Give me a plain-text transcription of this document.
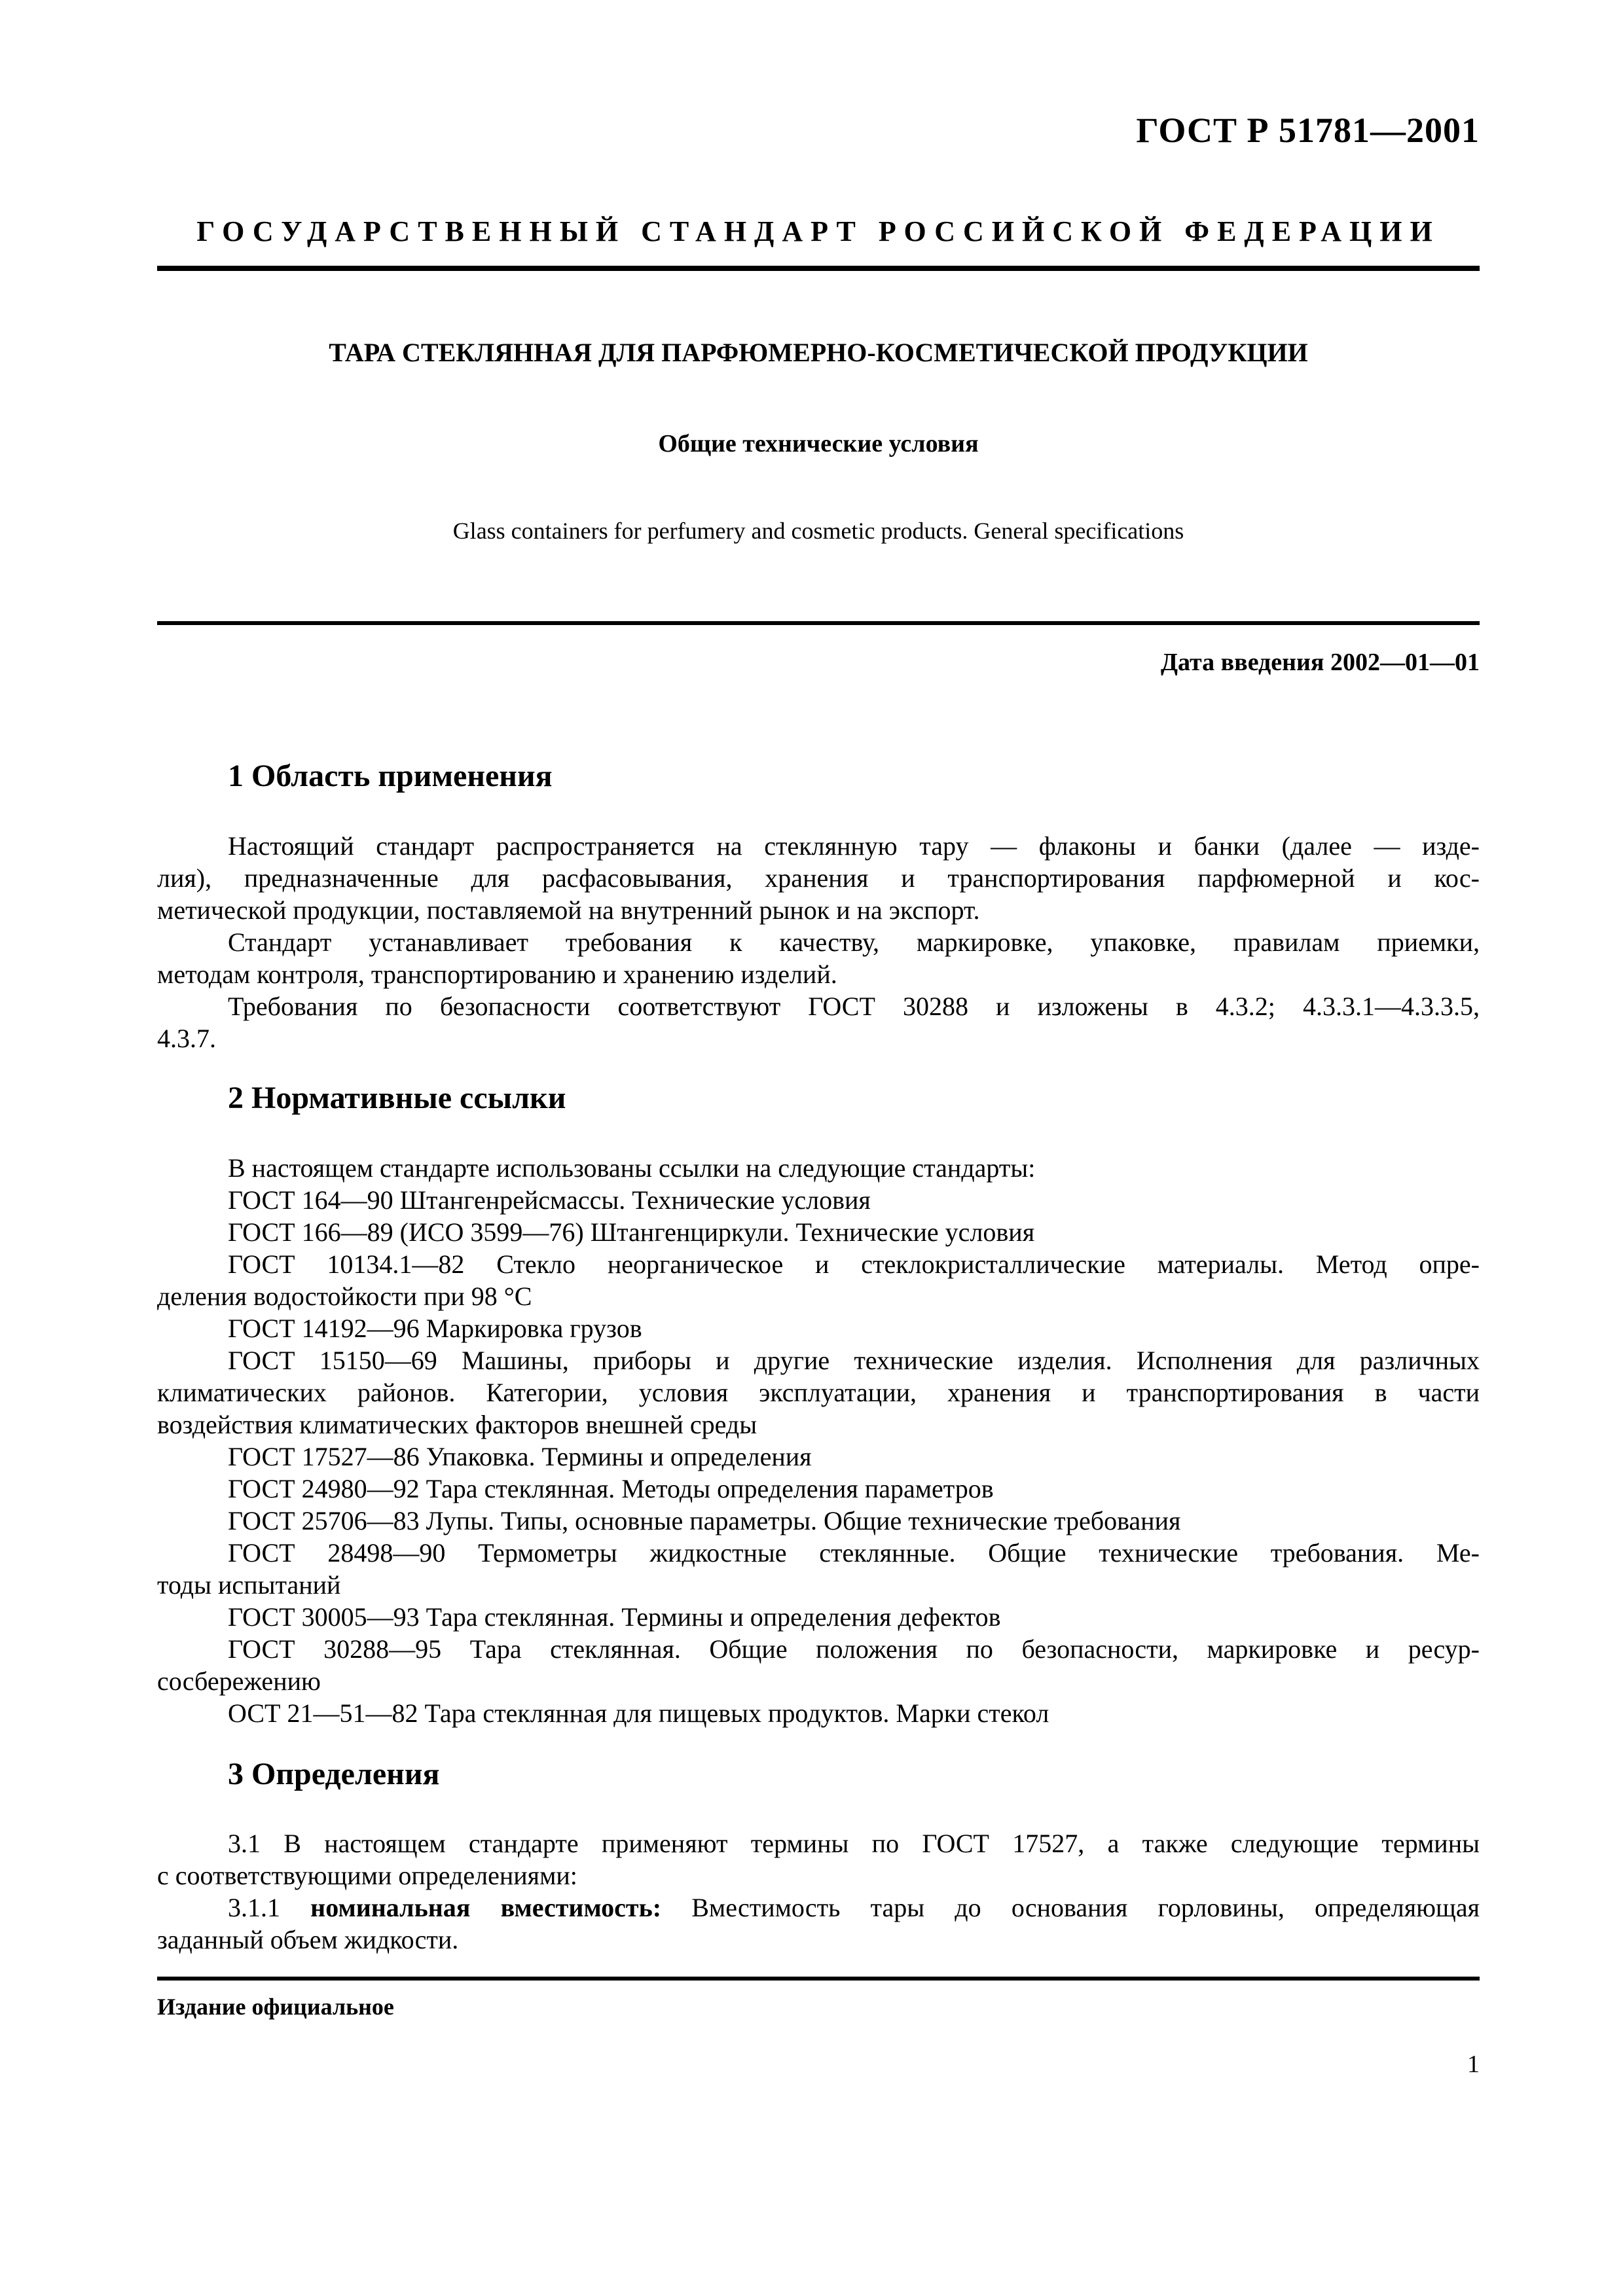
ГОСТ Р 51781—2001
ГОСУДАРСТВЕННЫЙ СТАНДАРТ РОССИЙСКОЙ ФЕДЕРАЦИИ
ТАРА СТЕКЛЯННАЯ ДЛЯ ПАРФЮМЕРНО-КОСМЕТИЧЕСКОЙ ПРОДУКЦИИ
Общие технические условия
Glass containers for perfumery and cosmetic products. General specifications
Дата введения 2002—01—01
1 Область применения
Настоящий стандарт распространяется на стеклянную тару — флаконы и банки (далее — изде-
лия), предназначенные для расфасовывания, хранения и транспортирования парфюмерной и кос-
метической продукции, поставляемой на внутренний рынок и на экспорт.
Стандарт устанавливает требования к качеству, маркировке, упаковке, правилам приемки,
методам контроля, транспортированию и хранению изделий.
Требования по безопасности соответствуют ГОСТ 30288 и изложены в 4.3.2; 4.3.3.1—4.3.3.5,
4.3.7.
2 Нормативные ссылки
В настоящем стандарте использованы ссылки на следующие стандарты:
ГОСТ 164—90 Штангенрейсмассы. Технические условия
ГОСТ 166—89 (ИСО 3599—76) Штангенциркули. Технические условия
ГОСТ 10134.1—82 Стекло неорганическое и стеклокристаллические материалы. Метод опре-
деления водостойкости при 98 °С
ГОСТ 14192—96 Маркировка грузов
ГОСТ 15150—69 Машины, приборы и другие технические изделия. Исполнения для различных
климатических районов. Категории, условия эксплуатации, хранения и транспортирования в части
воздействия климатических факторов внешней среды
ГОСТ 17527—86 Упаковка. Термины и определения
ГОСТ 24980—92 Тара стеклянная. Методы определения параметров
ГОСТ 25706—83 Лупы. Типы, основные параметры. Общие технические требования
ГОСТ 28498—90 Термометры жидкостные стеклянные. Общие технические требования. Ме-
тоды испытаний
ГОСТ 30005—93 Тара стеклянная. Термины и определения дефектов
ГОСТ 30288—95 Тара стеклянная. Общие положения по безопасности, маркировке и ресур-
сосбережению
ОСТ 21—51—82 Тара стеклянная для пищевых продуктов. Марки стекол
3 Определения
3.1 В настоящем стандарте применяют термины по ГОСТ 17527, а также следующие термины
с соответствующими определениями:
3.1.1 номинальная вместимость: Вместимость тары до основания горловины, определяющая
заданный объем жидкости.
Издание официальное
1
